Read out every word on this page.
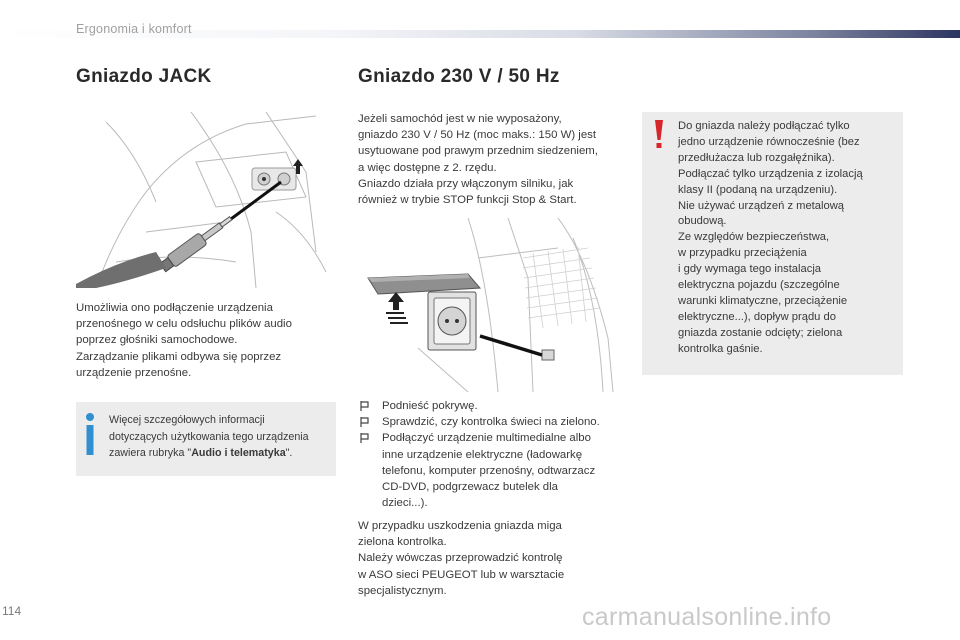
Ergonomia i komfort
Gniazdo JACK
Umożliwia ono podłączenie urządzenia
przenośnego w celu odsłuchu plików audio
poprzez głośniki samochodowe.
Zarządzanie plikami odbywa się poprzez
urządzenie przenośne.
Więcej szczegółowych informacji
dotyczących użytkowania tego urządzenia
zawiera rubryka "Audio i telematyka".
Gniazdo 230 V / 50 Hz
Jeżeli samochód jest w nie wyposażony,
gniazdo 230 V / 50 Hz (moc maks.: 150 W) jest
usytuowane pod prawym przednim siedzeniem,
a więc dostępne z 2. rzędu.
Gniazdo działa przy włączonym silniku, jak
również w trybie STOP funkcji Stop & Start.
Podnieść pokrywę.
Sprawdzić, czy kontrolka świeci na zielono.
Podłączyć urządzenie multimedialne albo
inne urządzenie elektryczne (ładowarkę
telefonu, komputer przenośny, odtwarzacz
CD-DVD, podgrzewacz butelek dla
dzieci...).
W przypadku uszkodzenia gniazda miga
zielona kontrolka.
Należy wówczas przeprowadzić kontrolę
w ASO sieci PEUGEOT lub w warsztacie
specjalistycznym.
Do gniazda należy podłączać tylko
jedno urządzenie równocześnie (bez
przedłużacza lub rozgałęźnika).
Podłączać tylko urządzenia z izolacją
klasy II (podaną na urządzeniu).
Nie używać urządzeń z metalową
obudową.
Ze względów bezpieczeństwa,
w przypadku przeciążenia
i gdy wymaga tego instalacja
elektryczna pojazdu (szczególne
warunki klimatyczne, przeciążenie
elektryczne...), dopływ prądu do
gniazda zostanie odcięty; zielona
kontrolka gaśnie.
114	carmanualsonline.info
